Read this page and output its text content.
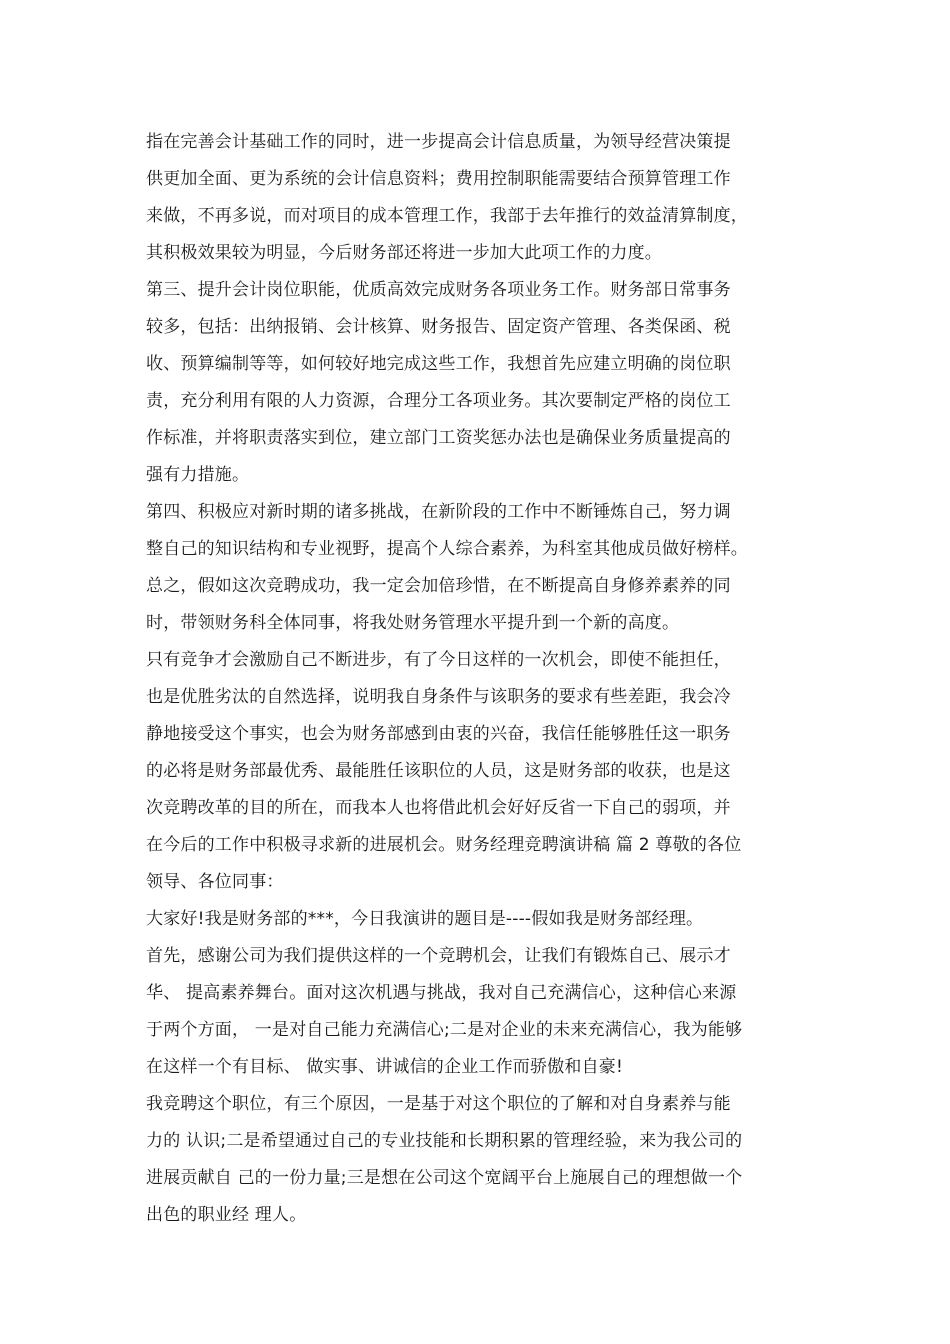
指在完善会计基础工作的同时，进一步提高会计信息质量，为领导经营决策提
供更加全面、更为系统的会计信息资料；费用控制职能需要结合预算管理工作
来做，不再多说，而对项目的成本管理工作，我部于去年推行的效益清算制度，
其积极效果较为明显，今后财务部还将进一步加大此项工作的力度。
第三、提升会计岗位职能，优质高效完成财务各项业务工作。财务部日常事务
较多，包括：出纳报销、会计核算、财务报告、固定资产管理、各类保函、税
收、预算编制等等，如何较好地完成这些工作，我想首先应建立明确的岗位职
责，充分利用有限的人力资源，合理分工各项业务。其次要制定严格的岗位工
作标准，并将职责落实到位，建立部门工资奖惩办法也是确保业务质量提高的
强有力措施。
第四、积极应对新时期的诸多挑战，在新阶段的工作中不断锤炼自己，努力调
整自己的知识结构和专业视野，提高个人综合素养，为科室其他成员做好榜样。
总之，假如这次竞聘成功，我一定会加倍珍惜，在不断提高自身修养素养的同
时，带领财务科全体同事，将我处财务管理水平提升到一个新的高度。
只有竞争才会激励自己不断进步，有了今日这样的一次机会，即使不能担任，
也是优胜劣汰的自然选择，说明我自身条件与该职务的要求有些差距，我会冷
静地接受这个事实，也会为财务部感到由衷的兴奋，我信任能够胜任这一职务
的必将是财务部最优秀、最能胜任该职位的人员，这是财务部的收获，也是这
次竞聘改革的目的所在，而我本人也将借此机会好好反省一下自己的弱项，并
在今后的工作中积极寻求新的进展机会。财务经理竞聘演讲稿 篇 2 尊敬的各位
领导、各位同事：
大家好!我是财务部的***，今日我演讲的题目是----假如我是财务部经理。
首先，感谢公司为我们提供这样的一个竞聘机会，让我们有锻炼自己、展示才
华、 提高素养舞台。面对这次机遇与挑战，我对自己充满信心，这种信心来源
于两个方面， 一是对自己能力充满信心;二是对企业的未来充满信心，我为能够
在这样一个有目标、 做实事、讲诚信的企业工作而骄傲和自豪!
我竞聘这个职位，有三个原因，一是基于对这个职位的了解和对自身素养与能
力的 认识;二是希望通过自己的专业技能和长期积累的管理经验，来为我公司的
进展贡献自 己的一份力量;三是想在公司这个宽阔平台上施展自己的理想做一个
出色的职业经 理人。
